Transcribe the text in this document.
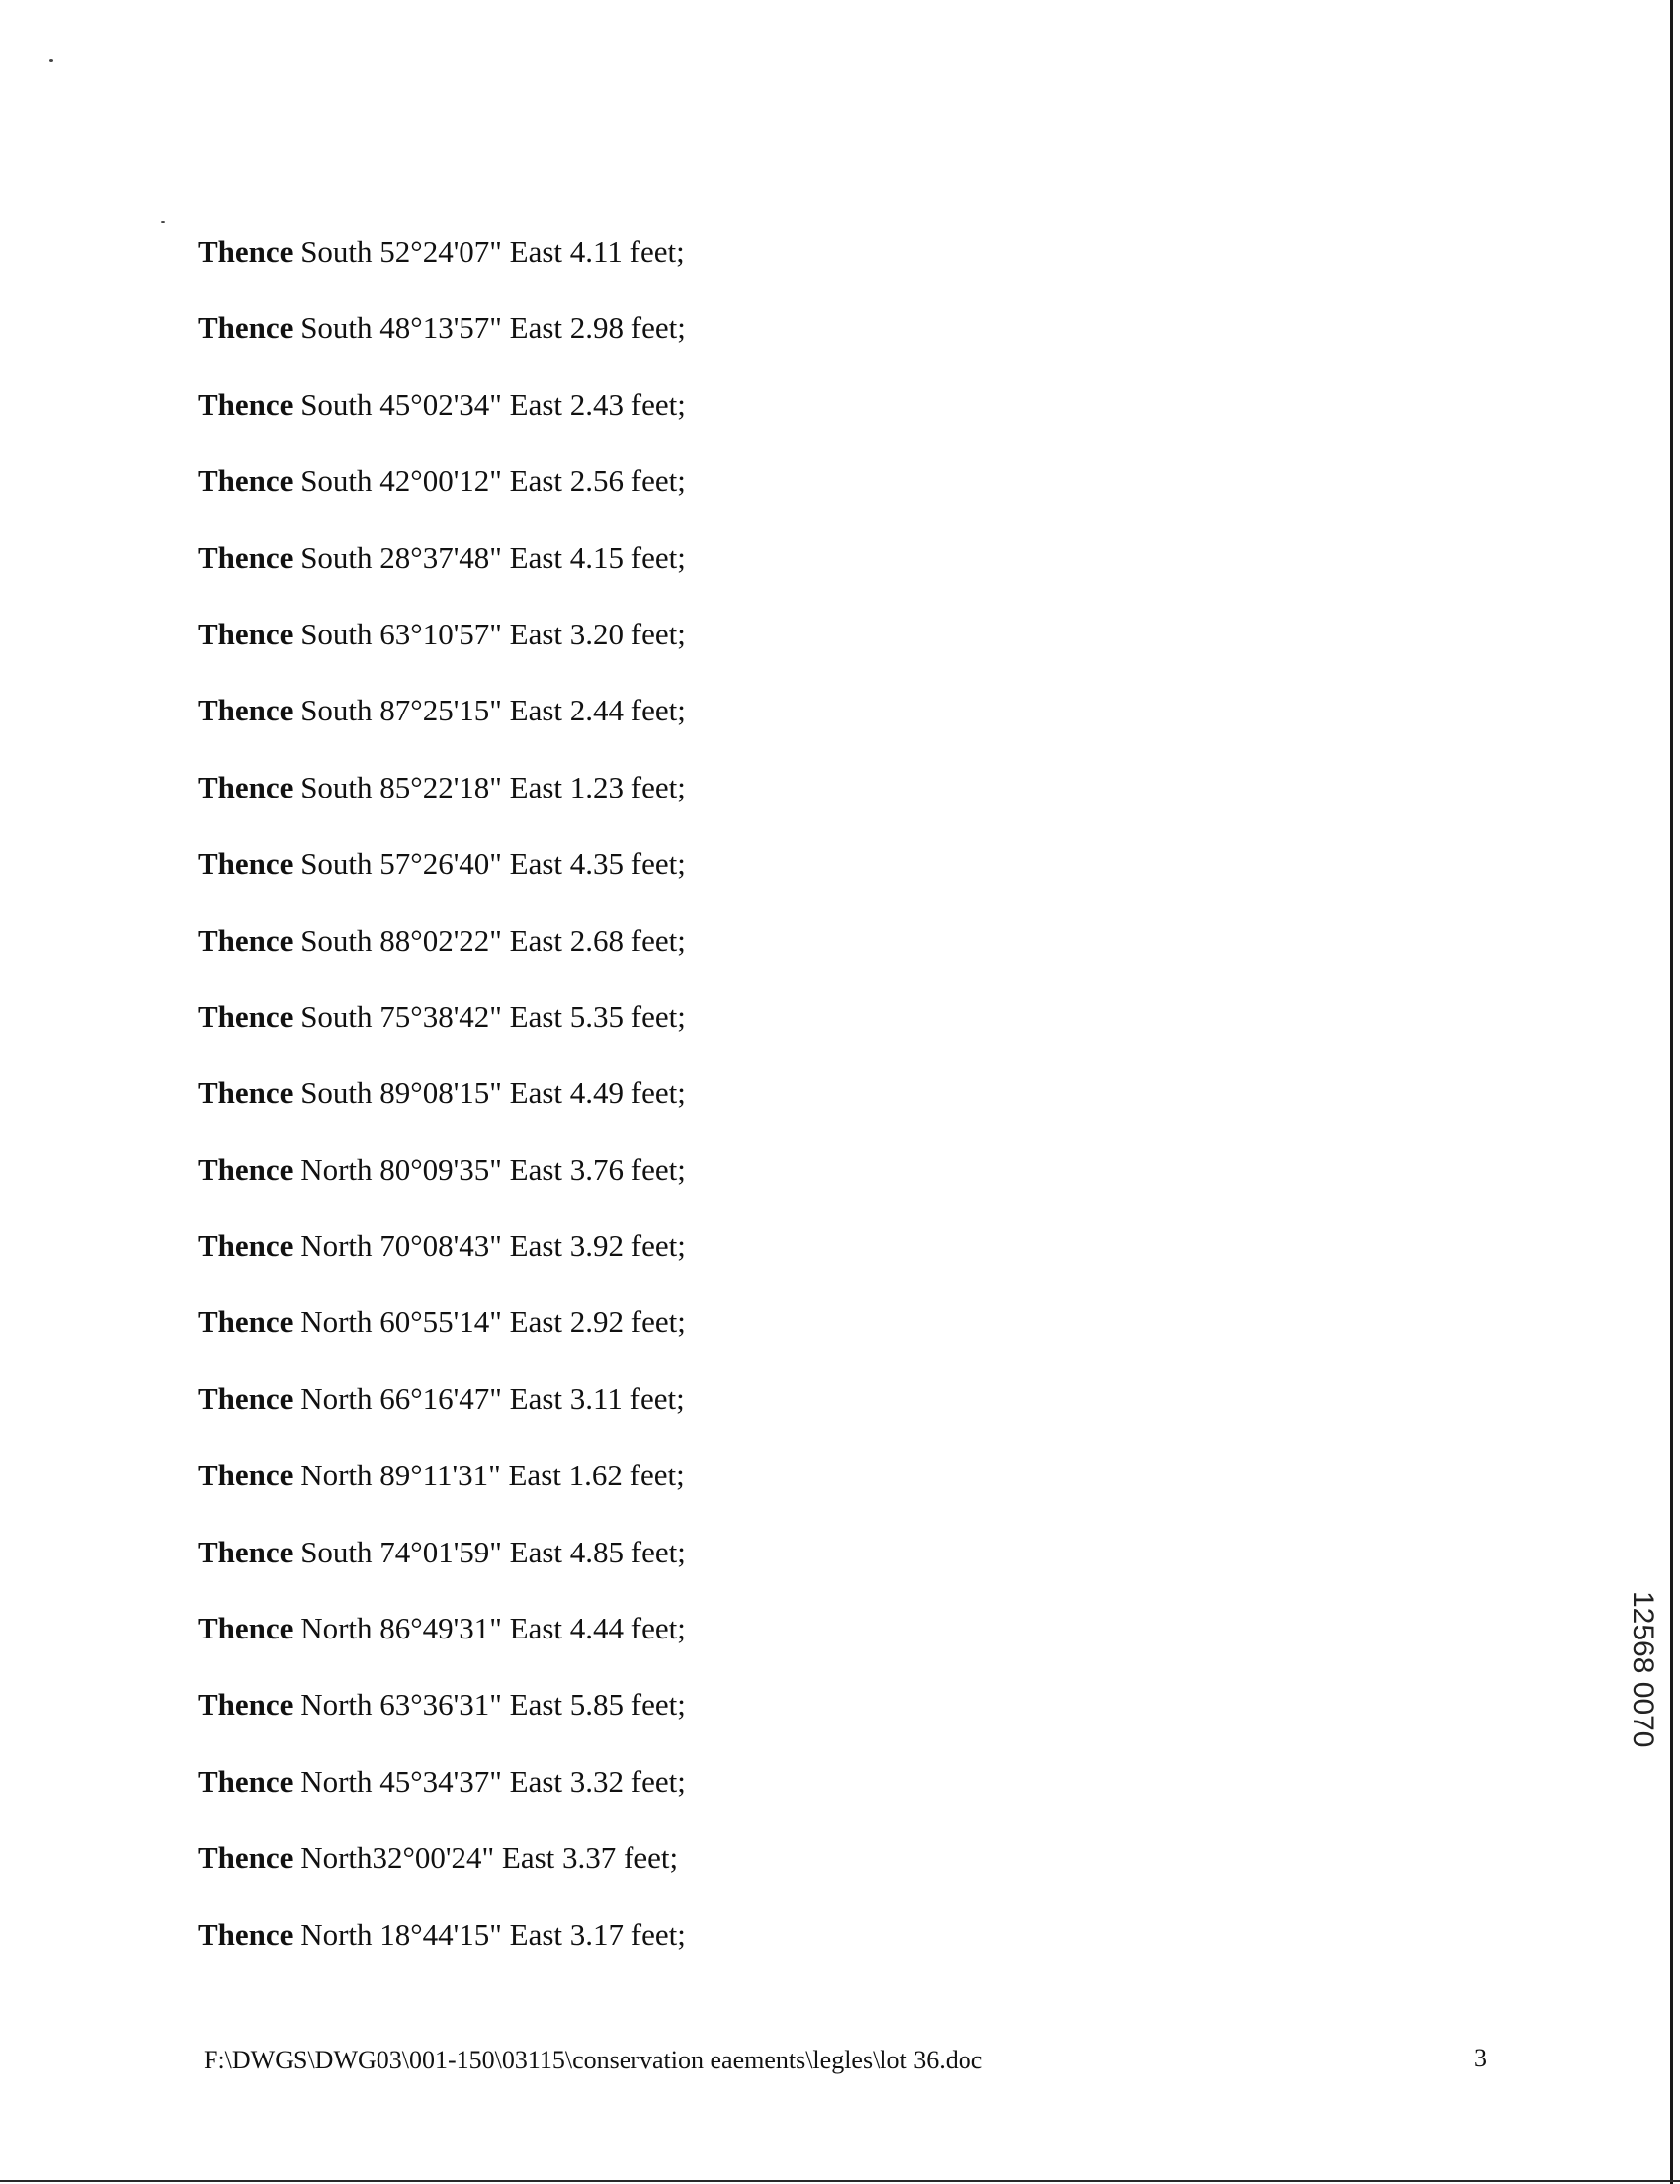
Thence South 52°24'07" East 4.11 feet;
Thence South 48°13'57" East 2.98 feet;
Thence South 45°02'34" East 2.43 feet;
Thence South 42°00'12" East 2.56 feet;
Thence South 28°37'48" East 4.15 feet;
Thence South 63°10'57" East 3.20 feet;
Thence South 87°25'15" East 2.44 feet;
Thence South 85°22'18" East 1.23 feet;
Thence South 57°26'40" East 4.35 feet;
Thence South 88°02'22" East 2.68 feet;
Thence South 75°38'42" East 5.35 feet;
Thence South 89°08'15" East 4.49 feet;
Thence North 80°09'35" East 3.76 feet;
Thence North 70°08'43" East 3.92 feet;
Thence North 60°55'14" East 2.92 feet;
Thence North 66°16'47" East 3.11 feet;
Thence North 89°11'31" East 1.62 feet;
Thence South 74°01'59" East 4.85 feet;
Thence North 86°49'31" East 4.44 feet;
Thence North 63°36'31" East 5.85 feet;
Thence North 45°34'37" East 3.32 feet;
Thence North32°00'24" East 3.37 feet;
Thence North 18°44'15" East 3.17 feet;
12568 0070
F:\DWGS\DWG03\001-150\03115\conservation eaements\legles\lot 36.doc	3
